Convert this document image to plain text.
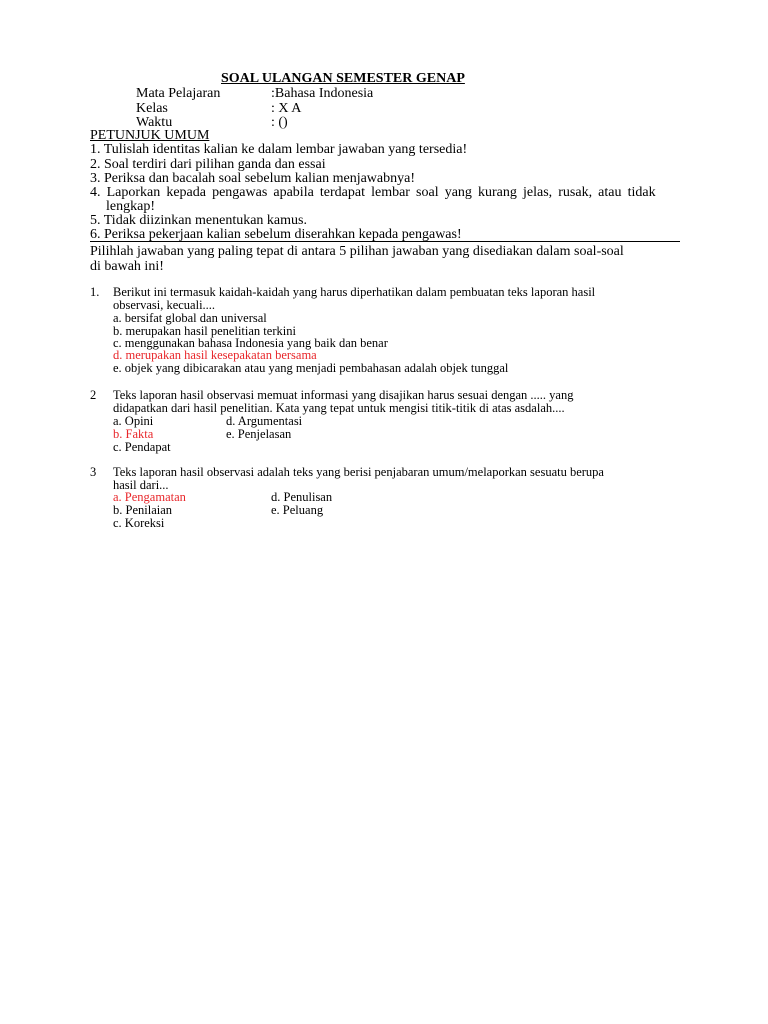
SOAL ULANGAN SEMESTER GENAP
Mata Pelajaran	:Bahasa Indonesia
Kelas	: X A
Waktu	: ()
PETUNJUK UMUM
1. Tulislah identitas kalian ke dalam lembar jawaban yang tersedia!
2. Soal terdiri dari pilihan ganda dan essai
3. Periksa dan bacalah soal sebelum kalian menjawabnya!
4. Laporkan kepada pengawas apabila terdapat lembar soal yang kurang jelas, rusak, atau tidak
lengkap!
5. Tidak diizinkan menentukan kamus.
6. Periksa pekerjaan kalian sebelum diserahkan kepada pengawas!
Pilihlah jawaban yang paling tepat di antara 5 pilihan jawaban yang disediakan dalam soal-soal
di bawah ini!
1. Berikut ini termasuk kaidah-kaidah yang harus diperhatikan dalam pembuatan teks laporan hasil
observasi, kecuali....
a. bersifat global dan universal
b. merupakan hasil penelitian terkini
c. menggunakan bahasa Indonesia yang baik dan benar
d. merupakan hasil kesepakatan bersama
e. objek yang dibicarakan atau yang menjadi pembahasan adalah objek tunggal
2 Teks laporan hasil observasi memuat informasi yang disajikan harus sesuai dengan ..... yang
didapatkan dari hasil penelitian. Kata yang tepat untuk mengisi titik-titik di atas asdalah....
a. Opini
b. Fakta
c. Pendapat
d. Argumentasi
e. Penjelasan
3 Teks laporan hasil observasi adalah teks yang berisi penjabaran umum/melaporkan sesuatu berupa
hasil dari...
a. Pengamatan
b. Penilaian
c. Koreksi
d. Penulisan
e. Peluang
